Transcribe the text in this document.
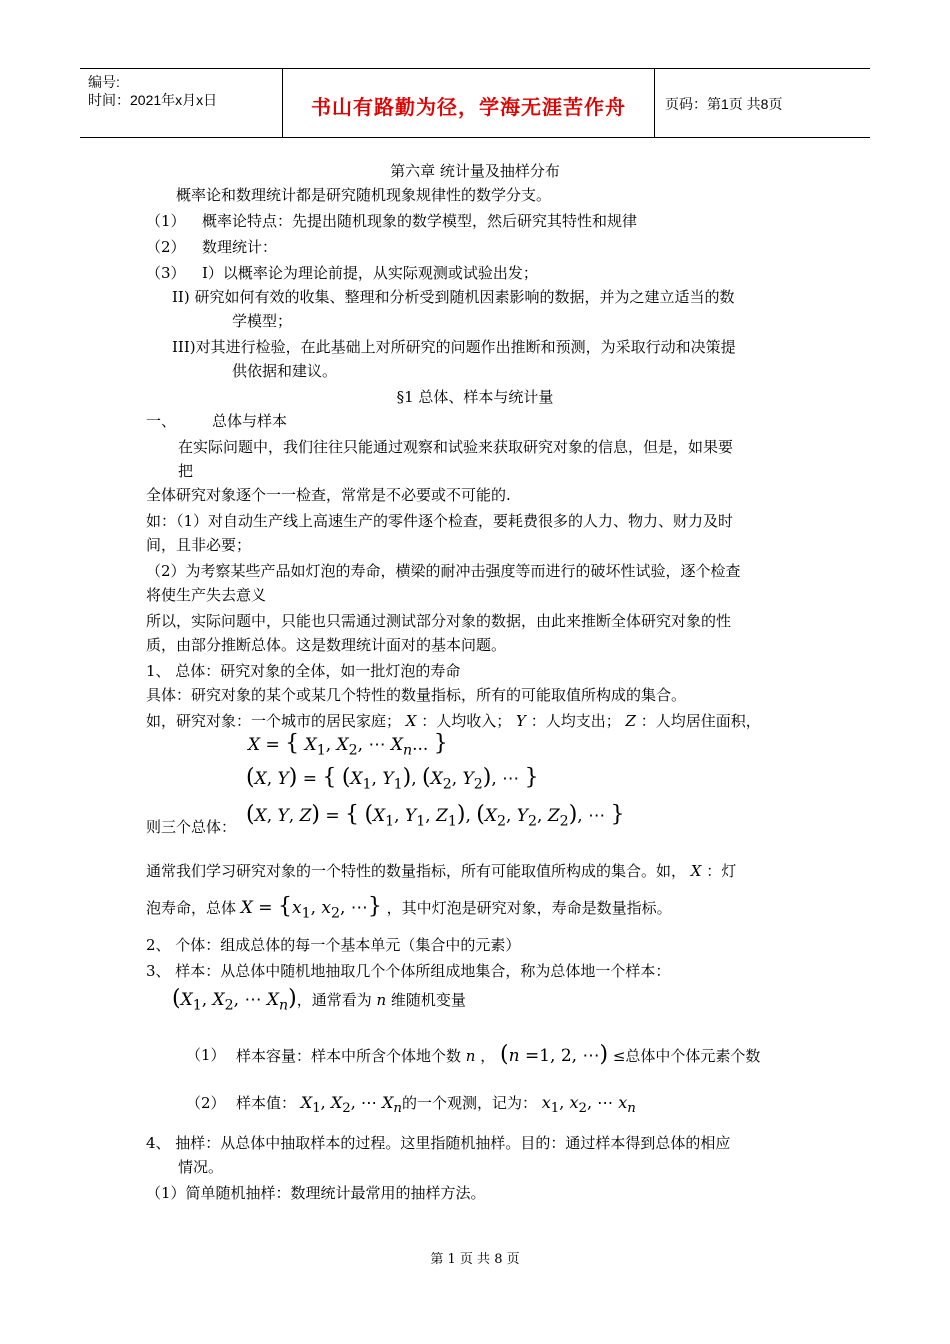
编号:
时间：2021年x月x日	书山有路勤为径，学海无涯苦作舟	页码：第1页 共8页
第六章 统计量及抽样分布
概率论和数理统计都是研究随机现象规律性的数学分支。
（1） 概率论特点：先提出随机现象的数学模型，然后研究其特性和规律
（2） 数理统计：
（3） I）以概率论为理论前提，从实际观测或试验出发；
II) 研究如何有效的收集、整理和分析受到随机因素影响的数据，并为之建立适当的数
学模型；
III)对其进行检验，在此基础上对所研究的问题作出推断和预测，为采取行动和决策提
供依据和建议。
§1 总体、样本与统计量
一、 总体与样本
在实际问题中，我们往往只能通过观察和试验来获取研究对象的信息，但是，如果要
把
全体研究对象逐个一一检查，常常是不必要或不可能的.
如：（1）对自动生产线上高速生产的零件逐个检查，要耗费很多的人力、物力、财力及时
间，且非必要；
（2）为考察某些产品如灯泡的寿命，横梁的耐冲击强度等而进行的破坏性试验，逐个检查
将使生产失去意义
所以，实际问题中，只能也只需通过测试部分对象的数据，由此来推断全体研究对象的性
质，由部分推断总体。这是数理统计面对的基本问题。
1、 总体：研究对象的全体，如一批灯泡的寿命
具体：研究对象的某个或某几个特性的数量指标，所有的可能取值所构成的集合。
如，研究对象：一个城市的居民家庭； X ：人均收入； Y ：人均支出； Z ：人均居住面积，
X = { $X_1$, $X_2$, ⋯ $X_n$... }
(X, Y) = { ($X_1$, $Y_1$), ($X_2$, $Y_2$), ⋯ }
则三个总体： (X, Y, Z) = { ($X_1$, $Y_1$, $Z_1$), ($X_2$, $Y_2$, $Z_2$), ⋯ }
通常我们学习研究对象的一个特性的数量指标，所有可能取值所构成的集合。如， X ：灯
泡寿命，总体 $X = \{x_1$, $x_2$, ⋯} ，其中灯泡是研究对象，寿命是数量指标。
2、 个体：组成总体的每一个基本单元（集合中的元素）
3、 样本：从总体中随机地抽取几个个体所组成地集合，称为总体地一个样本：
($X_1$, $X_2$, ⋯ $X_n$)，通常看为 n 维随机变量
（1） 样本容量：样本中所含个体地个数 n ， (n =1, 2, ⋯) ≤总体中个体元素个数
（2） 样本值： $X_1$, $X_2$, ⋯ $X_n$的一个观测，记为： $x_1$, $x_2$, ⋯ $x_n$
4、 抽样：从总体中抽取样本的过程。这里指随机抽样。目的：通过样本得到总体的相应
情况。
（1）简单随机抽样：数理统计最常用的抽样方法。
第 1 页 共 8 页
